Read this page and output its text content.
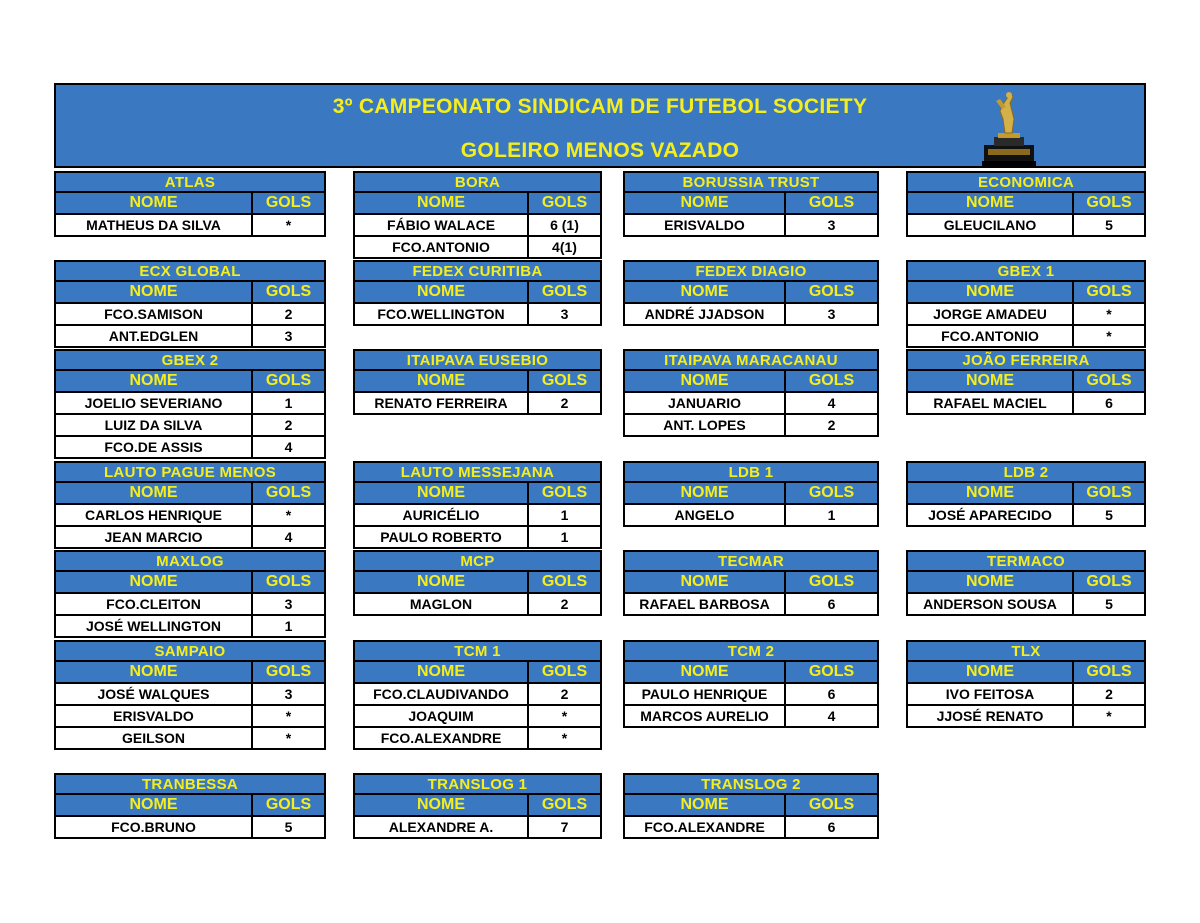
3º CAMPEONATO SINDICAM DE FUTEBOL SOCIETY
GOLEIRO MENOS VAZADO
ATLAS
NOME	GOLS
MATHEUS DA SILVA	*
BORA
NOME	GOLS
FÁBIO WALACE	6 (1)
FCO.ANTONIO	4(1)
BORUSSIA TRUST
NOME	GOLS
ERISVALDO	3
ECONOMICA
NOME	GOLS
GLEUCILANO	5
ECX GLOBAL
NOME	GOLS
FCO.SAMISON	2
ANT.EDGLEN	3
FEDEX CURITIBA
NOME	GOLS
FCO.WELLINGTON	3
FEDEX DIAGIO
NOME	GOLS
ANDRÉ JJADSON	3
GBEX 1
NOME	GOLS
JORGE AMADEU	*
FCO.ANTONIO	*
GBEX 2
NOME	GOLS
JOELIO SEVERIANO	1
LUIZ DA SILVA	2
FCO.DE ASSIS	4
ITAIPAVA EUSEBIO
NOME	GOLS
RENATO FERREIRA	2
ITAIPAVA MARACANAU
NOME	GOLS
JANUARIO	4
ANT. LOPES	2
JOÃO FERREIRA
NOME	GOLS
RAFAEL MACIEL	6
LAUTO PAGUE MENOS
NOME	GOLS
CARLOS HENRIQUE	*
JEAN MARCIO	4
LAUTO MESSEJANA
NOME	GOLS
AURICÉLIO	1
PAULO ROBERTO	1
LDB 1
NOME	GOLS
ANGELO	1
LDB 2
NOME	GOLS
JOSÉ APARECIDO	5
MAXLOG
NOME	GOLS
FCO.CLEITON	3
JOSÉ WELLINGTON	1
MCP
NOME	GOLS
MAGLON	2
TECMAR
NOME	GOLS
RAFAEL BARBOSA	6
TERMACO
NOME	GOLS
ANDERSON SOUSA	5
SAMPAIO
NOME	GOLS
JOSÉ WALQUES	3
ERISVALDO	*
GEILSON	*
TCM 1
NOME	GOLS
FCO.CLAUDIVANDO	2
JOAQUIM	*
FCO.ALEXANDRE	*
TCM 2
NOME	GOLS
PAULO HENRIQUE	6
MARCOS AURELIO	4
TLX
NOME	GOLS
IVO FEITOSA	2
JJOSÉ RENATO	*
TRANBESSA
NOME	GOLS
FCO.BRUNO	5
TRANSLOG 1
NOME	GOLS
ALEXANDRE A.	7
TRANSLOG 2
NOME	GOLS
FCO.ALEXANDRE	6
